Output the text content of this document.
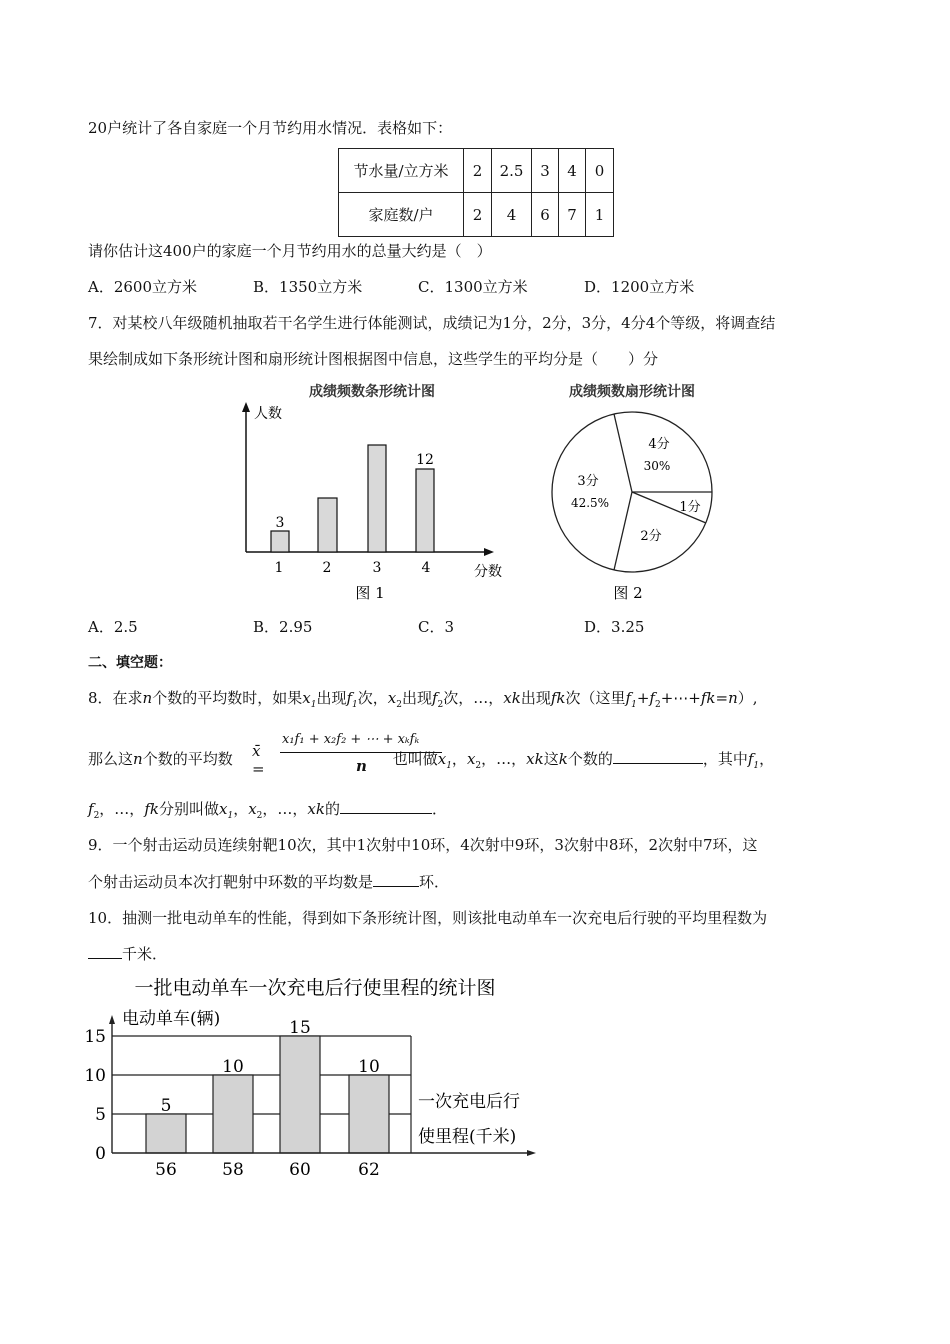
20户统计了各自家庭一个月节约用水情况．表格如下：
节水量/立方米	2	2.5	3	4	0
家庭数/户	2	4	6	7	1
请你估计这400户的家庭一个月节约用水的总量大约是（　）
A．2600立方米	B．1350立方米	C．1300立方米	D．1200立方米
7．对某校八年级随机抽取若干名学生进行体能测试，成绩记为1分，2分，3分，4分4个等级，将调查结
果绘制成如下条形统计图和扇形统计图根据图中信息，这些学生的平均分是（　　）分
成绩频数条形统计图
人数
分数
3
12
1	2	3	4
图 1
成绩频数扇形统计图
4分
30%
1分
2分
3分
42.5%
图 2
A．2.5	B．2.95	C．3	D．3.25
二、填空题：
8．在求n个数的平均数时，如果$x_1$出现$f_1$次，$x_2$出现$f_2$次，…，xk出现fk次（这里$f_1+f_2+\cdots+fk=n$）,
那么这n个数的平均数	也叫做$x_1$，$x_2$，…，xk这k个数的	，其中$f_1$，
x̄ =
x₁f₁ + x₂f₂ + ⋯ + xₖfₖ
n
$f_2$，…，fk分别叫做$x_1$，$x_2$，…，xk的	．
9．一个射击运动员连续射靶10次，其中1次射中10环，4次射中9环，3次射中8环，2次射中7环，这
个射击运动员本次打靶射中环数的平均数是	环．
10．抽测一批电动单车的性能，得到如下条形统计图，则该批电动单车一次充电后行驶的平均里程数为
千米．
一批电动单车一次充电后行使里程的统计图
电动单车(辆)
一次充电后行
使里程(千米)
0
5
10
15
5
10
15
10
56	58	60	62
